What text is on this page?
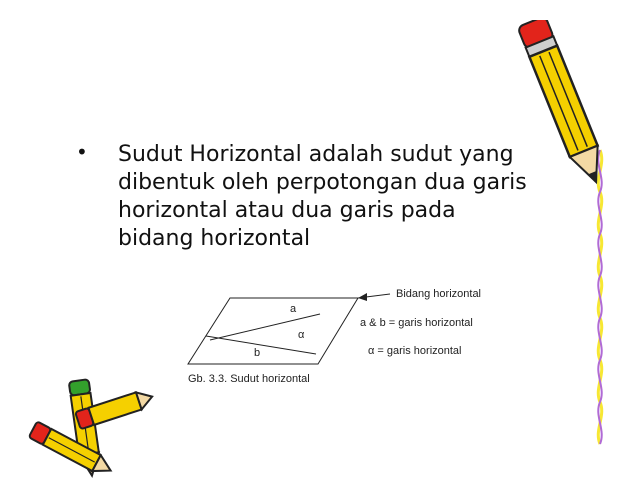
•	Sudut Horizontal adalah sudut yang
dibentuk oleh perpotongan dua garis
horizontal atau dua garis pada
bidang horizontal
a
α
b
Bidang horizontal
a & b = garis horizontal
α = garis horizontal
Gb. 3.3. Sudut horizontal
